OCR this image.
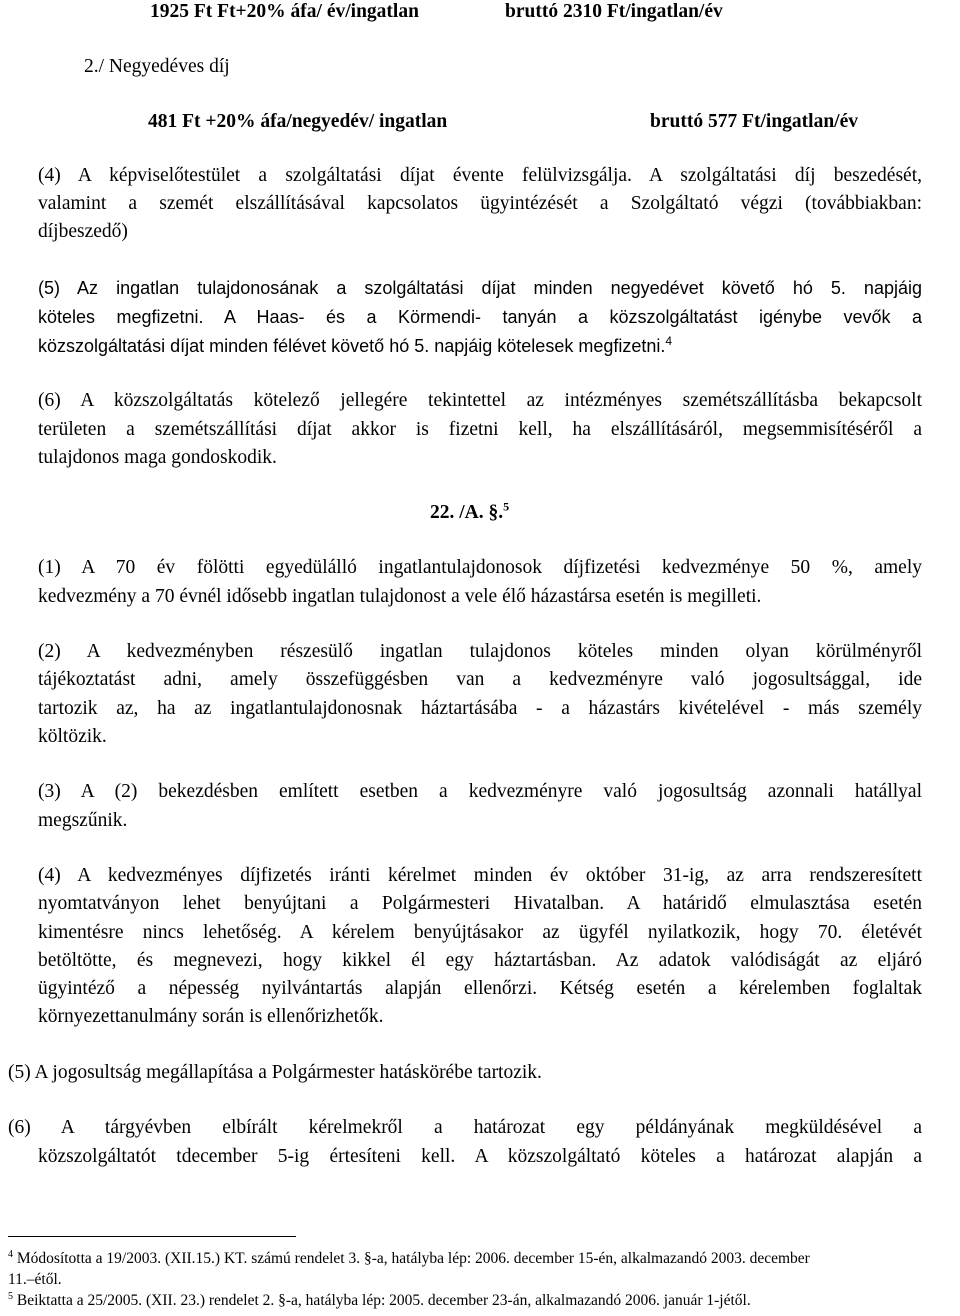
1925 Ft Ft+20% áfa/ év/ingatlan	bruttó 2310 Ft/ingatlan/év
2./ Negyedéves díj
481 Ft +20% áfa/negyedév/ ingatlan	bruttó 577 Ft/ingatlan/év
(4) A képviselőtestület a szolgáltatási díjat évente felülvizsgálja. A szolgáltatási díj beszedését,
valamint a szemét elszállításával kapcsolatos ügyintézését a Szolgáltató végzi (továbbiakban:
díjbeszedő)
(5) Az ingatlan tulajdonosának a szolgáltatási díjat minden negyedévet követő hó 5. napjáig
köteles megfizetni. A Haas- és a Körmendi- tanyán a közszolgáltatást igénybe vevők a
közszolgáltatási díjat minden félévet követő hó 5. napjáig kötelesek megfizetni.$^4$
(6) A közszolgáltatás kötelező jellegére tekintettel az intézményes szemétszállításba bekapcsolt
területen a szemétszállítási díjat akkor is fizetni kell, ha elszállításáról, megsemmisítéséről a
tulajdonos maga gondoskodik.
22. /A. §.$^5$
(1) A 70 év fölötti egyedülálló ingatlantulajdonosok díjfizetési kedvezménye 50 %, amely
kedvezmény a 70 évnél idősebb ingatlan tulajdonost a vele élő házastársa esetén is megilleti.
(2) A kedvezményben részesülő ingatlan tulajdonos köteles minden olyan körülményről
tájékoztatást adni, amely összefüggésben van a kedvezményre való jogosultsággal, ide
tartozik az, ha az ingatlantulajdonosnak háztartásába - a házastárs kivételével - más személy
költözik.
(3) A (2) bekezdésben említett esetben a kedvezményre való jogosultság azonnali hatállyal
megszűnik.
(4) A kedvezményes díjfizetés iránti kérelmet minden év október 31-ig, az arra rendszeresített
nyomtatványon lehet benyújtani a Polgármesteri Hivatalban. A határidő elmulasztása esetén
kimentésre nincs lehetőség. A kérelem benyújtásakor az ügyfél nyilatkozik, hogy 70. életévét
betöltötte, és megnevezi, hogy kikkel él egy háztartásban. Az adatok valódiságát az eljáró
ügyintéző a népesség nyilvántartás alapján ellenőrzi. Kétség esetén a kérelemben foglaltak
környezettanulmány során is ellenőrizhetők.
(5) A jogosultság megállapítása a Polgármester hatáskörébe tartozik.
(6) A tárgyévben elbírált kérelmekről a határozat egy példányának megküldésével a
közszolgáltatót tdecember 5-ig értesíteni kell. A közszolgáltató köteles a határozat alapján a
$^4$ Módosította a 19/2003. (XII.15.) KT. számú rendelet 3. §-a, hatályba lép: 2006. december 15-én, alkalmazandó 2003. december
11.–étől.
$^5$ Beiktatta a 25/2005. (XII. 23.) rendelet 2. §-a, hatályba lép: 2005. december 23-án, alkalmazandó 2006. január 1-jétől.
